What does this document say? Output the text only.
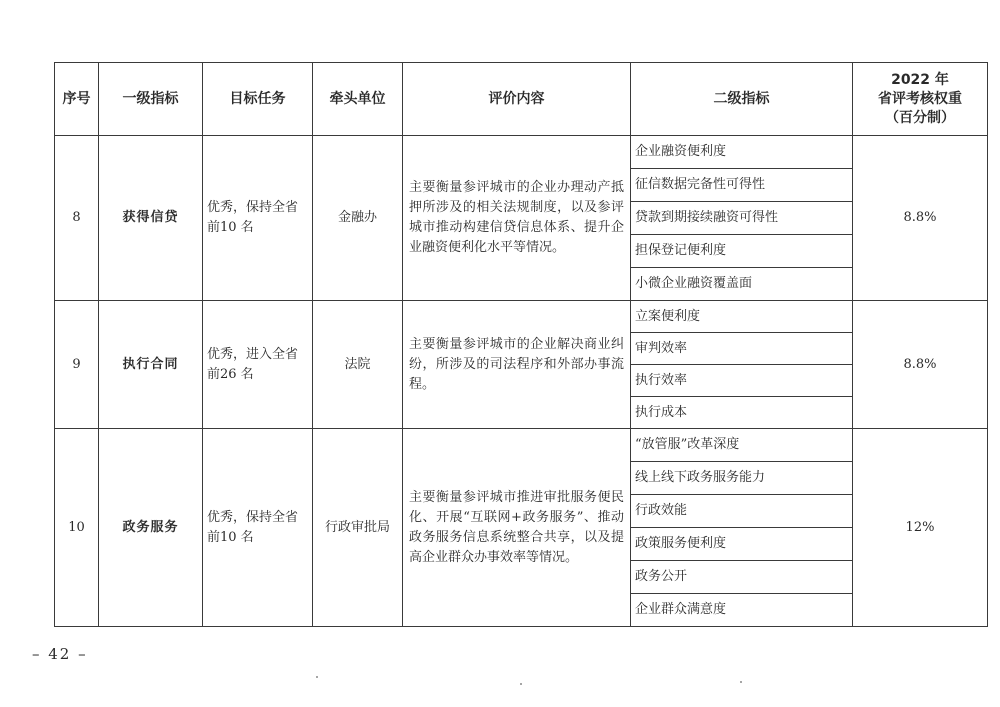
序号	一级指标	目标任务	牵头单位	评价内容	二级指标	2022 年
省评考核权重
（百分制）

8	获得信贷	优秀，保持全省前10 名	金融办	主要衡量参评城市的企业办理动产抵押所涉及的相关法规制度，以及参评城市推动构建信贷信息体系、提升企业融资便利化水平等情况。	企业融资便利度	8.8%
					征信数据完备性可得性	
					贷款到期接续融资可得性	
					担保登记便利度	
					小微企业融资覆盖面	
9	执行合同	优秀，进入全省前26 名	法院	主要衡量参评城市的企业解决商业纠纷，所涉及的司法程序和外部办事流程。	立案便利度	8.8%
					审判效率	
					执行效率	
					执行成本	
10	政务服务	优秀，保持全省前10 名	行政审批局	主要衡量参评城市推进审批服务便民化、开展“互联网+政务服务”、推动政务服务信息系统整合共享，以及提高企业群众办事效率等情况。	“放管服”改革深度	12%
					线上线下政务服务能力	
					行政效能	
					政策服务便利度	
					政务公开	
					企业群众满意度	
– 42 –
